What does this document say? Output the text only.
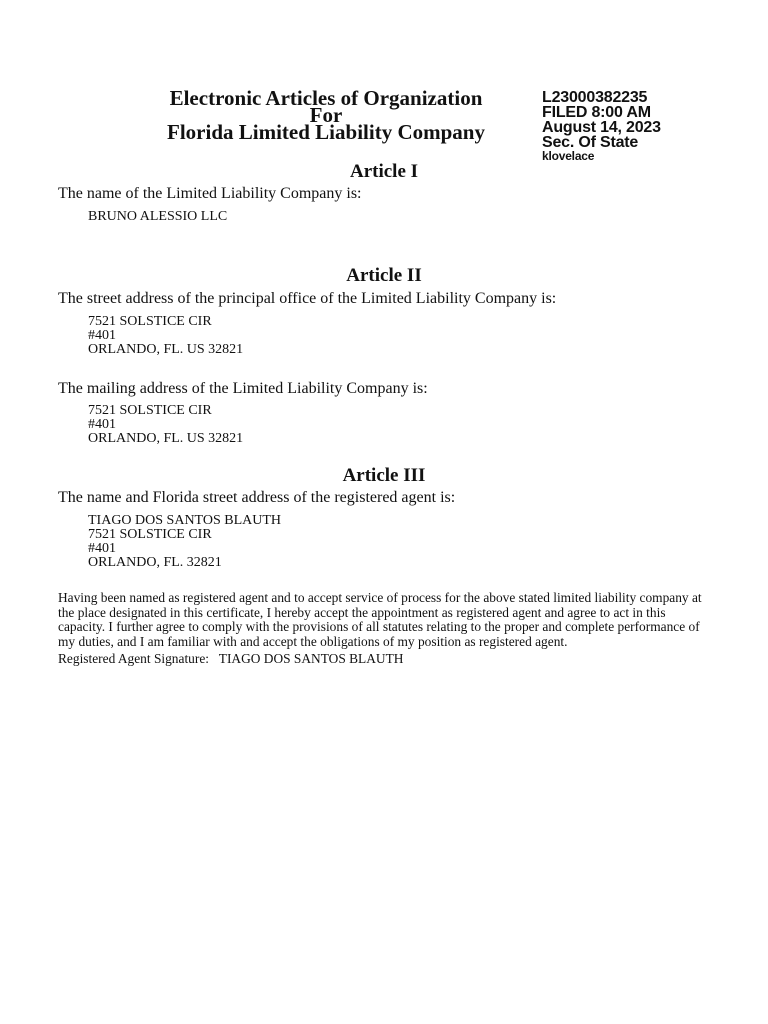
Electronic Articles of Organization
For
Florida Limited Liability Company
L23000382235
FILED 8:00 AM
August 14, 2023
Sec. Of State
klovelace
Article I
The name of the Limited Liability Company is:
BRUNO ALESSIO LLC
Article II
The street address of the principal office of the Limited Liability Company is:
7521 SOLSTICE CIR
#401
ORLANDO, FL. US 32821
The mailing address of the Limited Liability Company is:
7521 SOLSTICE CIR
#401
ORLANDO, FL. US 32821
Article III
The name and Florida street address of the registered agent is:
TIAGO DOS SANTOS BLAUTH
7521 SOLSTICE CIR
#401
ORLANDO, FL. 32821

Having been named as registered agent and to accept service of process for the above stated limited liability company at the place designated in this certificate, I hereby accept the appointment as registered agent and agree to act in this capacity. I further agree to comply with the provisions of all statutes relating to the proper and complete performance of my duties, and I am familiar with and accept the obligations of my position as registered agent.

Registered Agent Signature: TIAGO DOS SANTOS BLAUTH
